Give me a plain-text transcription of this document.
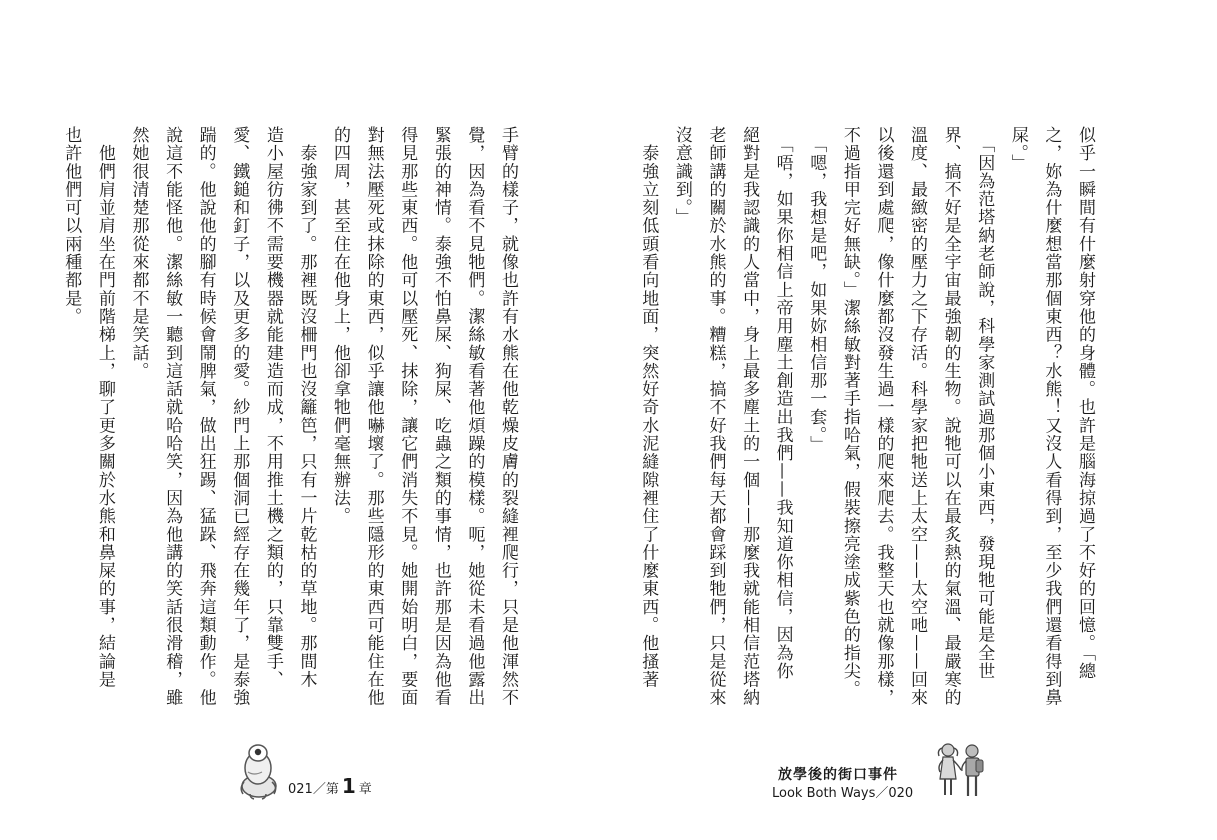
手臂的樣子，就像也許有水熊在他乾燥皮膚的裂縫裡爬行，只是他渾然不

覺，因為看不見牠們。潔絲敏看著他煩躁的模樣。呃，她從未看過他露出

緊張的神情。泰強不怕鼻屎、狗屎、吃蟲之類的事情，也許那是因為他看

得見那些東西。他可以壓死、抹除，讓它們消失不見。她開始明白，要面

對無法壓死或抹除的東西，似乎讓他嚇壞了。那些隱形的東西可能住在他

的四周，甚至住在他身上，他卻拿牠們毫無辦法。

　泰強家到了。那裡既沒柵門也沒籬笆，只有一片乾枯的草地。那間木

造小屋彷彿不需要機器就能建造而成，不用推土機之類的，只靠雙手、

愛、鐵鎚和釘子，以及更多的愛。紗門上那個洞已經存在幾年了，是泰強

踹的。他說他的腳有時候會鬧脾氣，做出狂踢、猛跺、飛奔這類動作。他

說這不能怪他。潔絲敏一聽到這話就哈哈笑，因為他講的笑話很滑稽，雖

然她很清楚那從來都不是笑話。

　他們肩並肩坐在門前階梯上，聊了更多關於水熊和鼻屎的事，結論是

也許他們可以兩種都是。

021／第 1 章

似乎一瞬間有什麼射穿他的身體。也許是腦海掠過了不好的回憶。「總

之，妳為什麼想當那個東西？水熊！又沒人看得到，至少我們還看得到鼻

屎。」

　「因為范塔納老師說，科學家測試過那個小東西，發現牠可能是全世

界、搞不好是全宇宙最強韌的生物。說牠可以在最炙熱的氣溫、最嚴寒的

溫度、最緻密的壓力之下存活。科學家把牠送上太空——太空吔——回來

以後還到處爬，像什麼都沒發生過一樣的爬來爬去。我整天也就像那樣，

不過指甲完好無缺。」潔絲敏對著手指哈氣，假裝擦亮塗成紫色的指尖。

　「嗯，我想是吧，如果妳相信那一套。」

　「唔，如果你相信上帝用塵土創造出我們——我知道你相信，因為你

絕對是我認識的人當中，身上最多塵土的一個——那麼我就能相信范塔納

老師講的關於水熊的事。糟糕，搞不好我們每天都會踩到牠們，只是從來

沒意識到。」

　泰強立刻低頭看向地面，突然好奇水泥縫隙裡住了什麼東西。他搔著

放學後的街口事件
Look Both Ways／020
